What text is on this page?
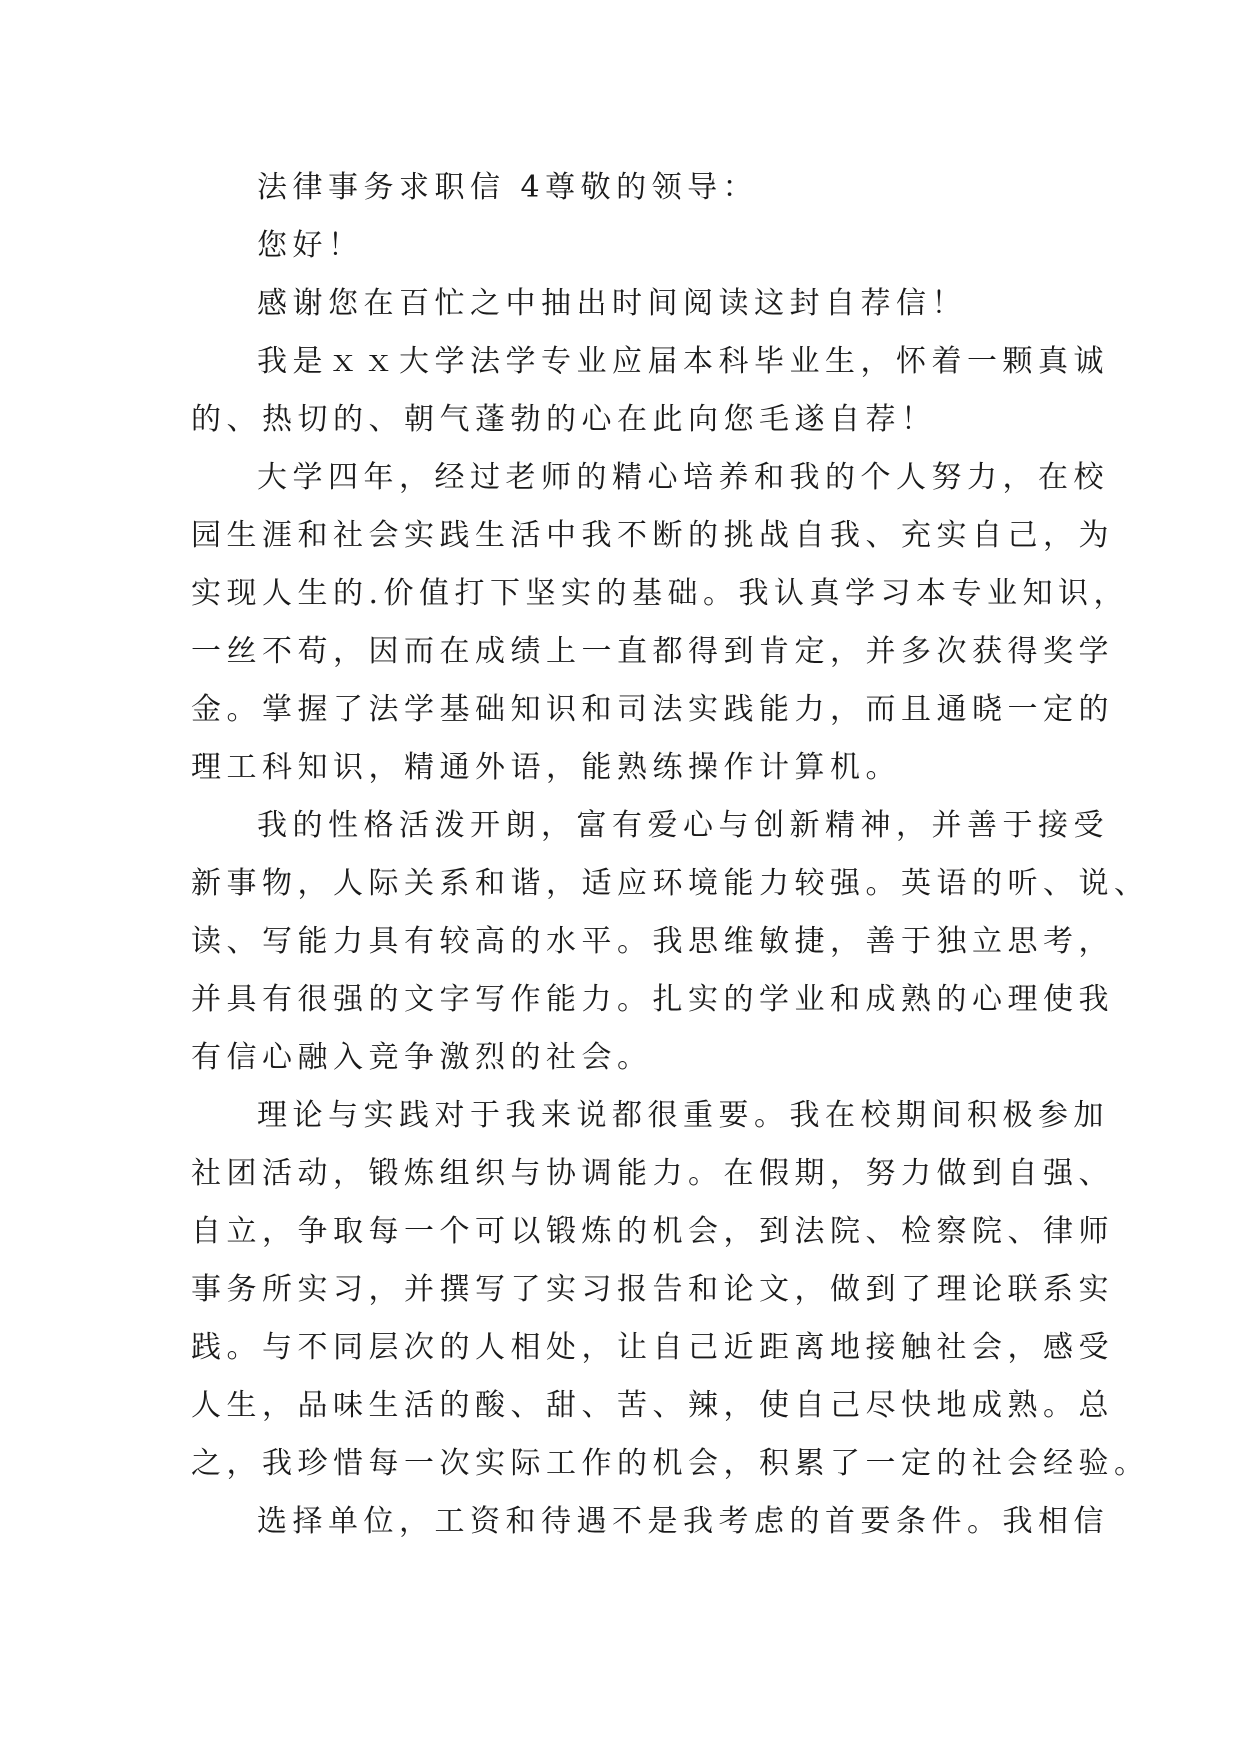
法律事务求职信 4尊敬的领导：
您好！
感谢您在百忙之中抽出时间阅读这封自荐信！
我是ｘｘ大学法学专业应届本科毕业生，怀着一颗真诚
的、热切的、朝气蓬勃的心在此向您毛遂自荐！
大学四年，经过老师的精心培养和我的个人努力，在校
园生涯和社会实践生活中我不断的挑战自我、充实自己，为
实现人生的.价值打下坚实的基础。我认真学习本专业知识，
一丝不苟，因而在成绩上一直都得到肯定，并多次获得奖学
金。掌握了法学基础知识和司法实践能力，而且通晓一定的
理工科知识，精通外语，能熟练操作计算机。
我的性格活泼开朗，富有爱心与创新精神，并善于接受
新事物，人际关系和谐，适应环境能力较强。英语的听、说、
读、写能力具有较高的水平。我思维敏捷，善于独立思考，
并具有很强的文字写作能力。扎实的学业和成熟的心理使我
有信心融入竞争激烈的社会。
理论与实践对于我来说都很重要。我在校期间积极参加
社团活动，锻炼组织与协调能力。在假期，努力做到自强、
自立，争取每一个可以锻炼的机会，到法院、检察院、律师
事务所实习，并撰写了实习报告和论文，做到了理论联系实
践。与不同层次的人相处，让自己近距离地接触社会，感受
人生，品味生活的酸、甜、苦、辣，使自己尽快地成熟。总
之，我珍惜每一次实际工作的机会，积累了一定的社会经验。
选择单位，工资和待遇不是我考虑的首要条件。我相信
